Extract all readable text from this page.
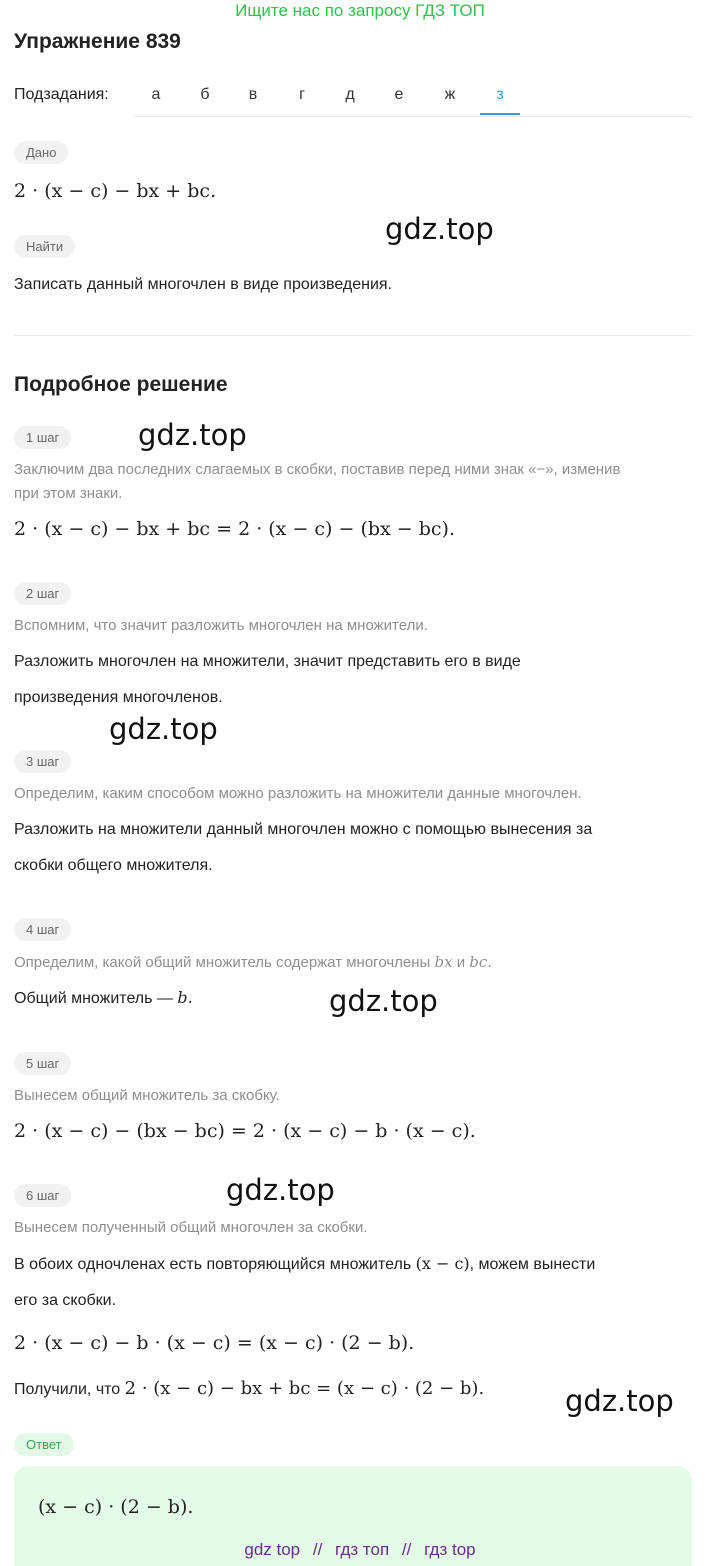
Ищите нас по запросу ГДЗ ТОП
Упражнение 839
Подзадания:	а	б	в	г	д	е	ж	з
Дано
2 · (x − c) − bx + bc.
Найти
Записать данный многочлен в виде произведения.
Подробное решение
1 шаг
Заключим два последних слагаемых в скобки, поставив перед ними знак «−», изменив
при этом знаки.
2 · (x − c) − bx + bc = 2 · (x − c) − (bx − bc).
2 шаг
Вспомним, что значит разложить многочлен на множители.
Разложить многочлен на множители, значит представить его в виде
произведения многочленов.
3 шаг
Определим, каким способом можно разложить на множители данные многочлен.
Разложить на множители данный многочлен можно с помощью вынесения за
скобки общего множителя.
4 шаг
Определим, какой общий множитель содержат многочлены bx и bc.
Общий множитель — b.
5 шаг
Вынесем общий множитель за скобку.
2 · (x − c) − (bx − bc) = 2 · (x − c) − b · (x − c).
6 шаг
Вынесем полученный общий многочлен за скобки.
В обоих одночленах есть повторяющийся множитель (x − c), можем вынести
его за скобки.
2 · (x − c) − b · (x − c) = (x − c) · (2 − b).
Получили, что 2 · (x − c) − bx + bc = (x − c) · (2 − b).
Ответ
(x − c) · (2 − b).
gdz.top
gdz.top
gdz.top
gdz.top
gdz.top
gdz.top
gdz top // гдз топ // гдз top
